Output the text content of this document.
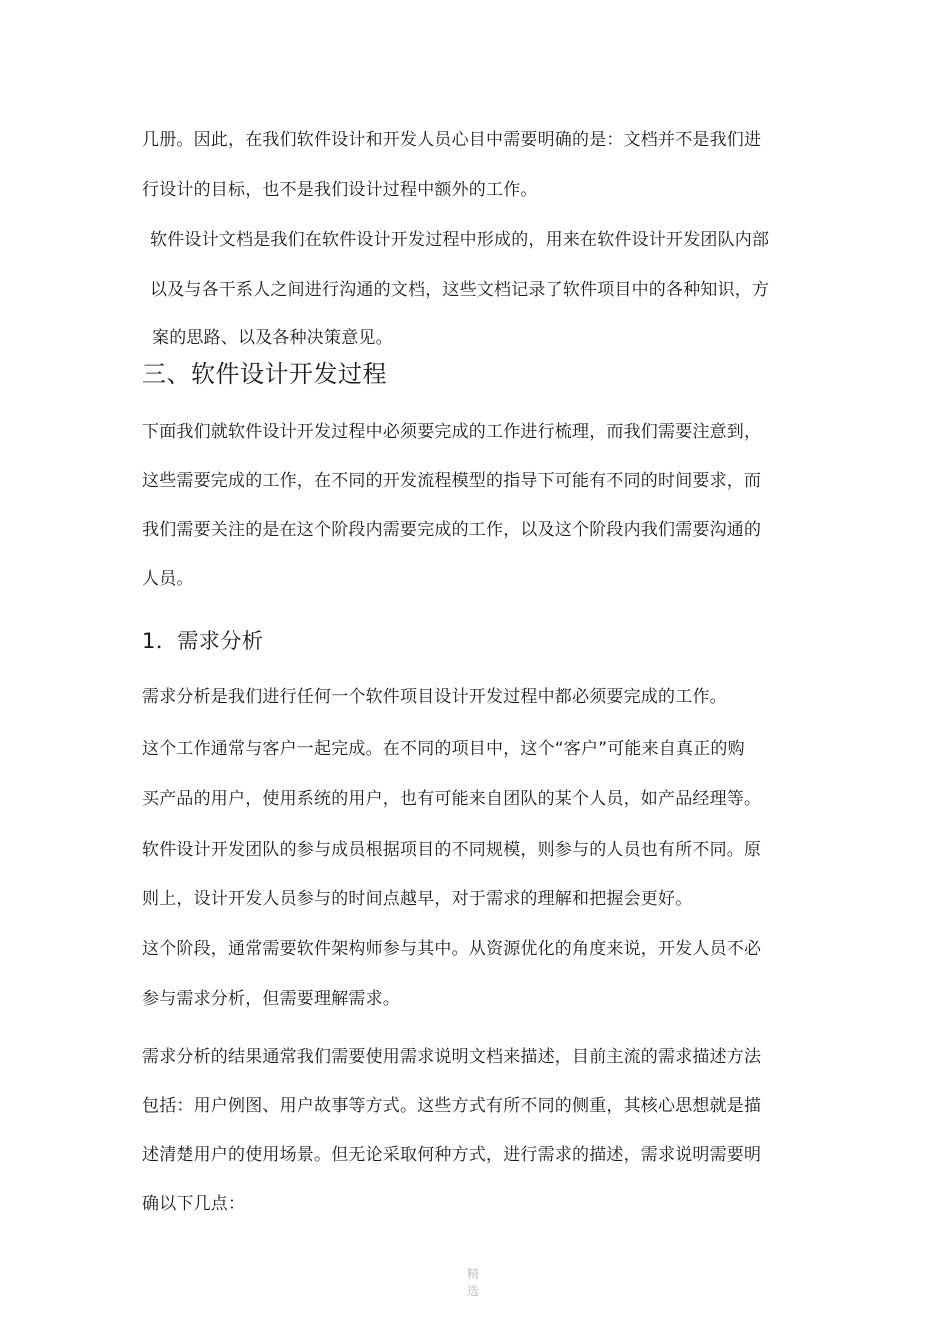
几册。因此，在我们软件设计和开发人员心目中需要明确的是：文档并不是我们进
行设计的目标，也不是我们设计过程中额外的工作。
软件设计文档是我们在软件设计开发过程中形成的，用来在软件设计开发团队内部
以及与各干系人之间进行沟通的文档，这些文档记录了软件项目中的各种知识，方
案的思路、以及各种决策意见。
三、软件设计开发过程
下面我们就软件设计开发过程中必须要完成的工作进行梳理，而我们需要注意到，
这些需要完成的工作，在不同的开发流程模型的指导下可能有不同的时间要求，而
我们需要关注的是在这个阶段内需要完成的工作，以及这个阶段内我们需要沟通的
人员。
1．需求分析
需求分析是我们进行任何一个软件项目设计开发过程中都必须要完成的工作。
这个工作通常与客户一起完成。在不同的项目中，这个“客户”可能来自真正的购
买产品的用户，使用系统的用户，也有可能来自团队的某个人员，如产品经理等。
软件设计开发团队的参与成员根据项目的不同规模，则参与的人员也有所不同。原
则上，设计开发人员参与的时间点越早，对于需求的理解和把握会更好。
这个阶段，通常需要软件架构师参与其中。从资源优化的角度来说，开发人员不必
参与需求分析，但需要理解需求。
需求分析的结果通常我们需要使用需求说明文档来描述，目前主流的需求描述方法
包括：用户例图、用户故事等方式。这些方式有所不同的侧重，其核心思想就是描
述清楚用户的使用场景。但无论采取何种方式，进行需求的描述，需求说明需要明
确以下几点：
精选
